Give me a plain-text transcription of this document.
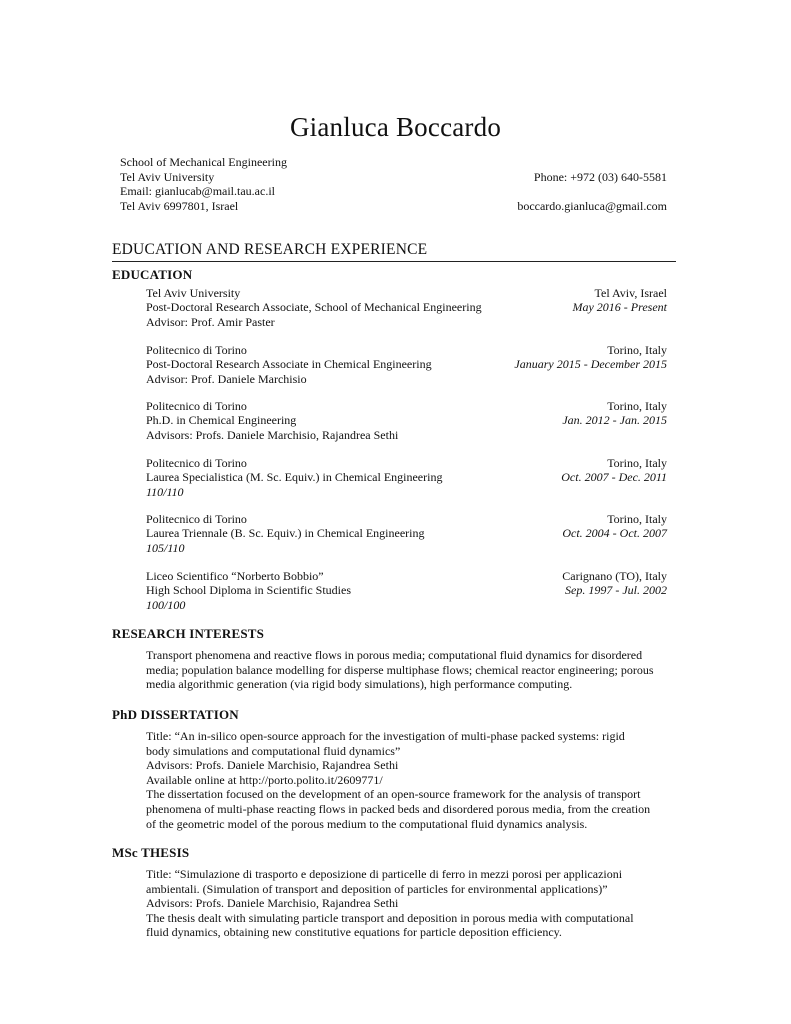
Gianluca Boccardo
School of Mechanical Engineering
Tel Aviv University	Phone: +972 (03) 640-5581
Email: gianlucab@mail.tau.ac.il
Tel Aviv 6997801, Israel	boccardo.gianluca@gmail.com
EDUCATION AND RESEARCH EXPERIENCE
EDUCATION
Tel Aviv University	Tel Aviv, Israel
Post-Doctoral Research Associate, School of Mechanical Engineering	May 2016 - Present
Advisor: Prof. Amir Paster
Politecnico di Torino	Torino, Italy
Post-Doctoral Research Associate in Chemical Engineering	January 2015 - December 2015
Advisor: Prof. Daniele Marchisio
Politecnico di Torino	Torino, Italy
Ph.D. in Chemical Engineering	Jan. 2012 - Jan. 2015
Advisors: Profs. Daniele Marchisio, Rajandrea Sethi
Politecnico di Torino	Torino, Italy
Laurea Specialistica (M. Sc. Equiv.) in Chemical Engineering	Oct. 2007 - Dec. 2011
110/110
Politecnico di Torino	Torino, Italy
Laurea Triennale (B. Sc. Equiv.) in Chemical Engineering	Oct. 2004 - Oct. 2007
105/110
Liceo Scientifico “Norberto Bobbio”	Carignano (TO), Italy
High School Diploma in Scientific Studies	Sep. 1997 - Jul. 2002
100/100
RESEARCH INTERESTS
Transport phenomena and reactive flows in porous media; computational fluid dynamics for disordered
media; population balance modelling for disperse multiphase flows; chemical reactor engineering; porous
media algorithmic generation (via rigid body simulations), high performance computing.
PhD DISSERTATION
Title: “An in-silico open-source approach for the investigation of multi-phase packed systems: rigid
body simulations and computational fluid dynamics”
Advisors: Profs. Daniele Marchisio, Rajandrea Sethi
Available online at http://porto.polito.it/2609771/
The dissertation focused on the development of an open-source framework for the analysis of transport
phenomena of multi-phase reacting flows in packed beds and disordered porous media, from the creation
of the geometric model of the porous medium to the computational fluid dynamics analysis.
MSc THESIS
Title: “Simulazione di trasporto e deposizione di particelle di ferro in mezzi porosi per applicazioni
ambientali. (Simulation of transport and deposition of particles for environmental applications)”
Advisors: Profs. Daniele Marchisio, Rajandrea Sethi
The thesis dealt with simulating particle transport and deposition in porous media with computational
fluid dynamics, obtaining new constitutive equations for particle deposition efficiency.
